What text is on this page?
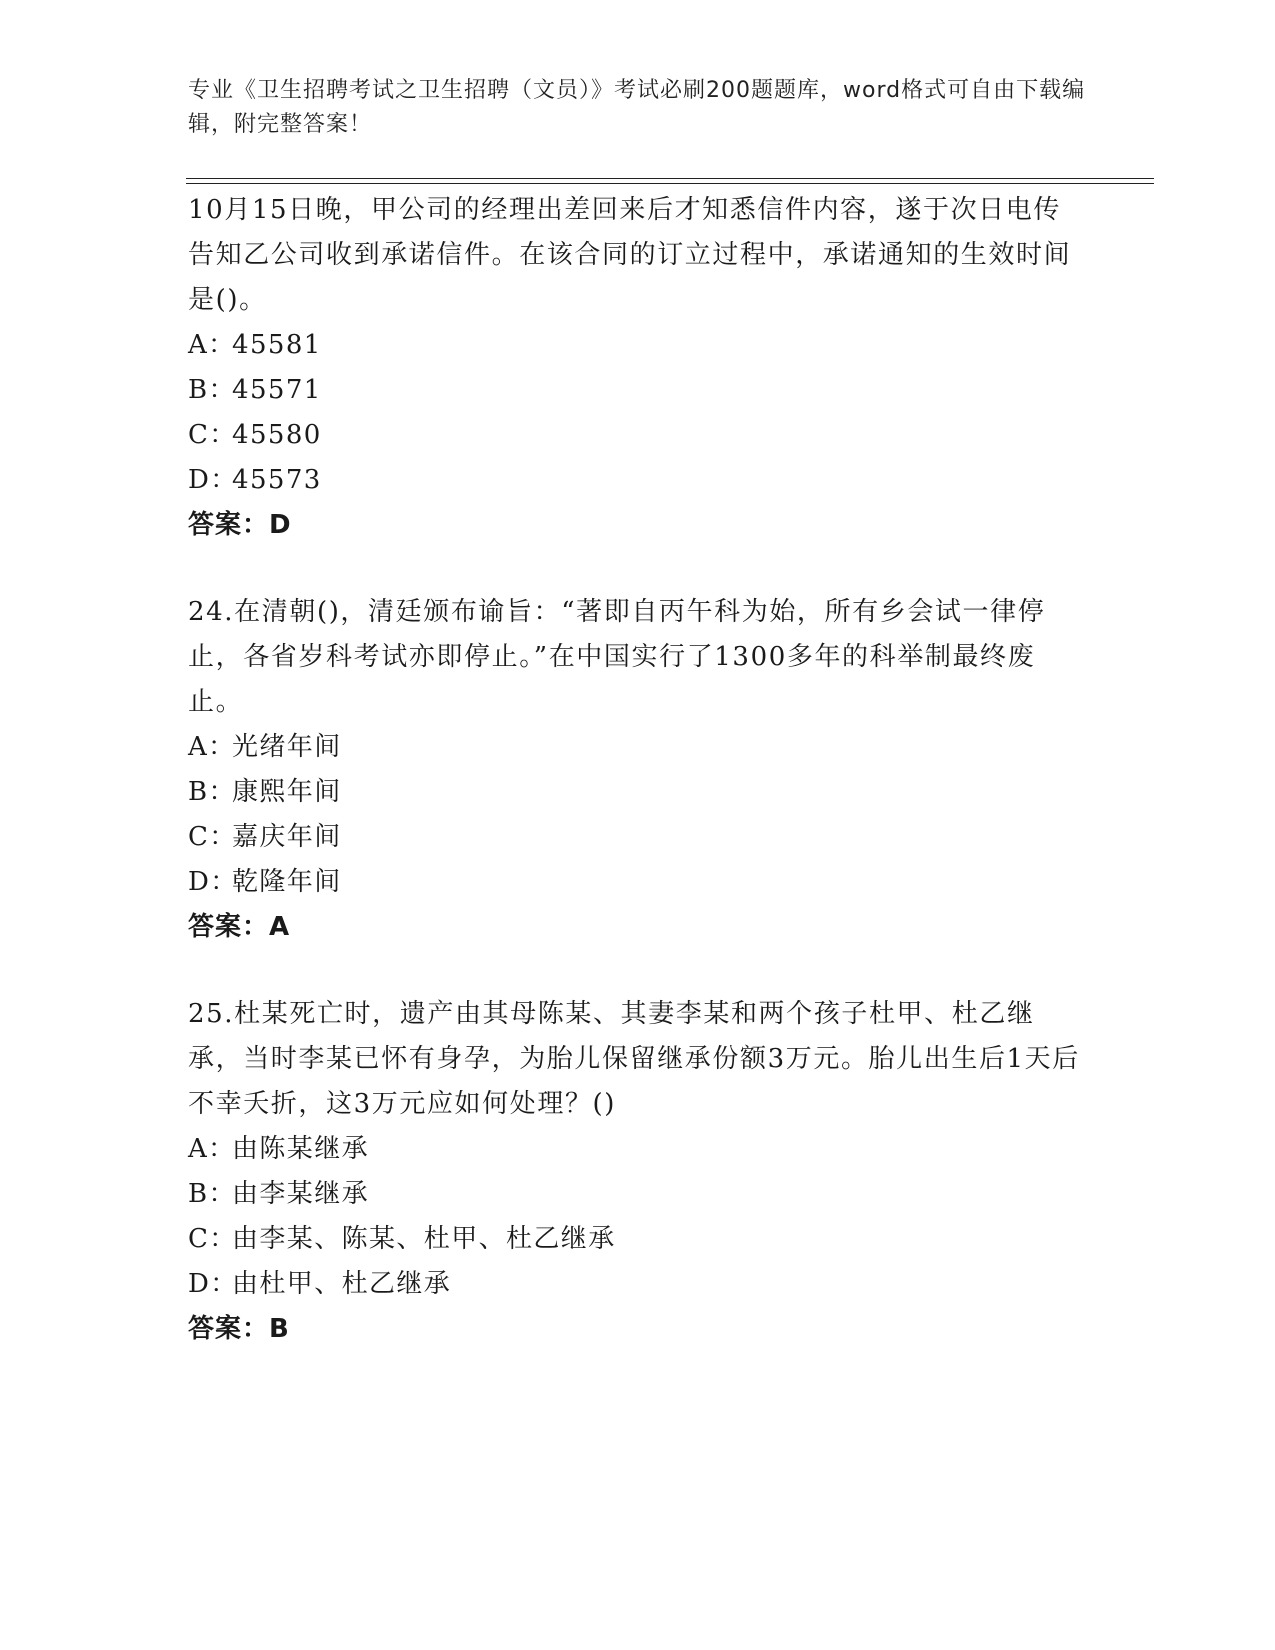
专业《卫生招聘考试之卫生招聘（文员）》考试必刷200题题库，word格式可自由下载编辑，附完整答案！

10月15日晚，甲公司的经理出差回来后才知悉信件内容，遂于次日电传告知乙公司收到承诺信件。在该合同的订立过程中，承诺通知的生效时间是()。

A：45581

B：45571

C：45580

D：45573

答案：D

24.在清朝()，清廷颁布谕旨：“著即自丙午科为始，所有乡会试一律停止，各省岁科考试亦即停止。”在中国实行了1300多年的科举制最终废止。

A：光绪年间

B：康熙年间

C：嘉庆年间

D：乾隆年间

答案：A

25.杜某死亡时，遗产由其母陈某、其妻李某和两个孩子杜甲、杜乙继承，当时李某已怀有身孕，为胎儿保留继承份额3万元。胎儿出生后1天后不幸夭折，这3万元应如何处理？()

A：由陈某继承

B：由李某继承

C：由李某、陈某、杜甲、杜乙继承

D：由杜甲、杜乙继承

答案：B
